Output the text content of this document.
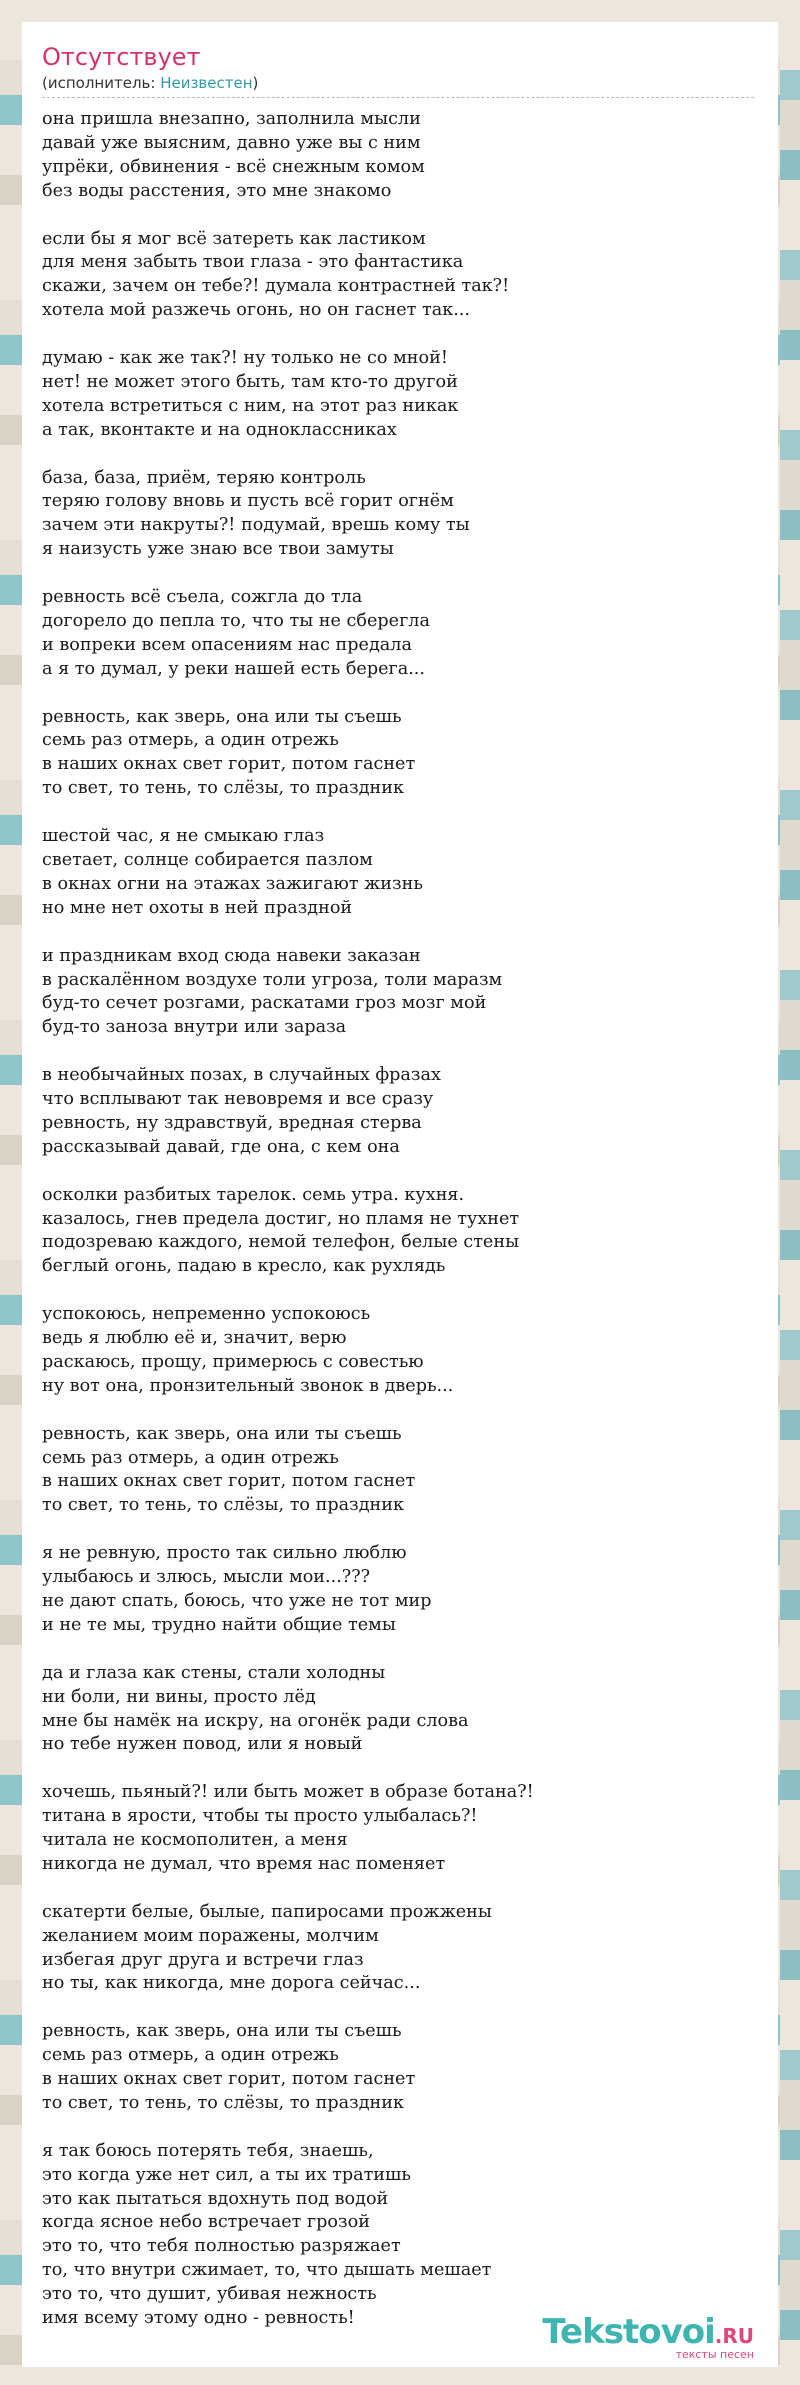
Отсутствует
(исполнитель: Неизвестен)
она пришла внезапно, заполнила мысли
давай уже выясним, давно уже вы с ним
упрёки, обвинения - всё снежным комом
без воды расстения, это мне знакомо
если бы я мог всё затереть как ластиком
для меня забыть твои глаза - это фантастика
скажи, зачем он тебе?! думала контрастней так?!
хотела мой разжечь огонь, но он гаснет так...
думаю - как же так?! ну только не со мной!
нет! не может этого быть, там кто-то другой
хотела встретиться с ним, на этот раз никак
а так, вконтакте и на одноклассниках
база, база, приём, теряю контроль
теряю голову вновь и пусть всё горит огнём
зачем эти накруты?! подумай, врешь кому ты
я наизусть уже знаю все твои замуты
ревность всё съела, сожгла до тла
догорело до пепла то, что ты не сберегла
и вопреки всем опасениям нас предала
а я то думал, у реки нашей есть берега...
ревность, как зверь, она или ты съешь
семь раз отмерь, а один отрежь
в наших окнах свет горит, потом гаснет
то свет, то тень, то слёзы, то праздник
шестой час, я не смыкаю глаз
светает, солнце собирается пазлом
в окнах огни на этажах зажигают жизнь
но мне нет охоты в ней праздной
и праздникам вход сюда навеки заказан
в раскалённом воздухе толи угроза, толи маразм
буд-то сечет розгами, раскатами гроз мозг мой
буд-то заноза внутри или зараза
в необычайных позах, в случайных фразах
что всплывают так невовремя и все сразу
ревность, ну здравствуй, вредная стерва
рассказывай давай, где она, с кем она
осколки разбитых тарелок. семь утра. кухня.
казалось, гнев предела достиг, но пламя не тухнет
подозреваю каждого, немой телефон, белые стены
беглый огонь, падаю в кресло, как рухлядь
успокоюсь, непременно успокоюсь
ведь я люблю её и, значит, верю
раскаюсь, прощу, примерюсь с совестью
ну вот она, пронзительный звонок в дверь...
ревность, как зверь, она или ты съешь
семь раз отмерь, а один отрежь
в наших окнах свет горит, потом гаснет
то свет, то тень, то слёзы, то праздник
я не ревную, просто так сильно люблю
улыбаюсь и злюсь, мысли мои...???
не дают спать, боюсь, что уже не тот мир
и не те мы, трудно найти общие темы
да и глаза как стены, стали холодны
ни боли, ни вины, просто лёд
мне бы намёк на искру, на огонёк ради слова
но тебе нужен повод, или я новый
хочешь, пьяный?! или быть может в образе ботана?!
титана в ярости, чтобы ты просто улыбалась?!
читала не космополитен, а меня
никогда не думал, что время нас поменяет
скатерти белые, былые, папиросами прожжены
желанием моим поражены, молчим
избегая друг друга и встречи глаз
но ты, как никогда, мне дорога сейчас...
ревность, как зверь, она или ты съешь
семь раз отмерь, а один отрежь
в наших окнах свет горит, потом гаснет
то свет, то тень, то слёзы, то праздник
я так боюсь потерять тебя, знаешь,
это когда уже нет сил, а ты их тратишь
это как пытаться вдохнуть под водой
когда ясное небо встречает грозой
это то, что тебя полностью разряжает
то, что внутри сжимает, то, что дышать мешает
это то, что душит, убивая нежность
имя всему этому одно - ревность!	Tekstovoi.RU
тексты песен
